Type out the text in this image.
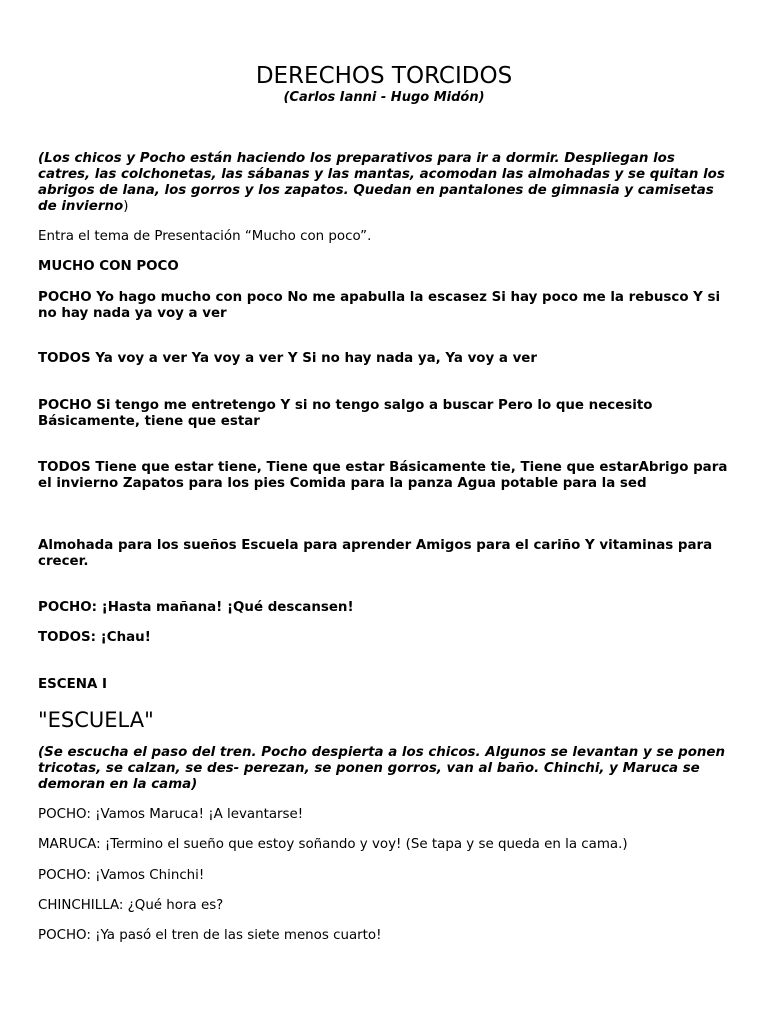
DERECHOS TORCIDOS
(Carlos Ianni - Hugo Midón)

(Los chicos y Pocho están haciendo los preparativos para ir a dormir. Despliegan los catres, las colchonetas, las sábanas y las mantas, acomodan las almohadas y se quitan los abrigos de lana, los gorros y los zapatos. Quedan en pantalones de gimnasia y camisetas de invierno)

Entra el tema de Presentación “Mucho con poco”.

MUCHO CON POCO

POCHO Yo hago mucho con poco No me apabulla la escasez Si hay poco me la rebusco Y si no hay nada ya voy a ver

TODOS Ya voy a ver Ya voy a ver Y Si no hay nada ya, Ya voy a ver

POCHO Si tengo me entretengo Y si no tengo salgo a buscar Pero lo que necesito Básicamente, tiene que estar

TODOS Tiene que estar tiene, Tiene que estar Básicamente tie, Tiene que estarAbrigo para el invierno Zapatos para los pies Comida para la panza Agua potable para la sed

Almohada para los sueños Escuela para aprender Amigos para el cariño Y vitaminas para crecer.

POCHO: ¡Hasta mañana! ¡Qué descansen!

TODOS: ¡Chau!

ESCENA I

"ESCUELA"

(Se escucha el paso del tren. Pocho despierta a los chicos. Algunos se levantan y se ponen tricotas, se calzan, se des- perezan, se ponen gorros, van al baño. Chinchi, y Maruca se demoran en la cama)

POCHO: ¡Vamos Maruca! ¡A levantarse!

MARUCA: ¡Termino el sueño que estoy soñando y voy! (Se tapa y se queda en la cama.)

POCHO: ¡Vamos Chinchi!

CHINCHILLA: ¿Qué hora es?

POCHO: ¡Ya pasó el tren de las siete menos cuarto!
